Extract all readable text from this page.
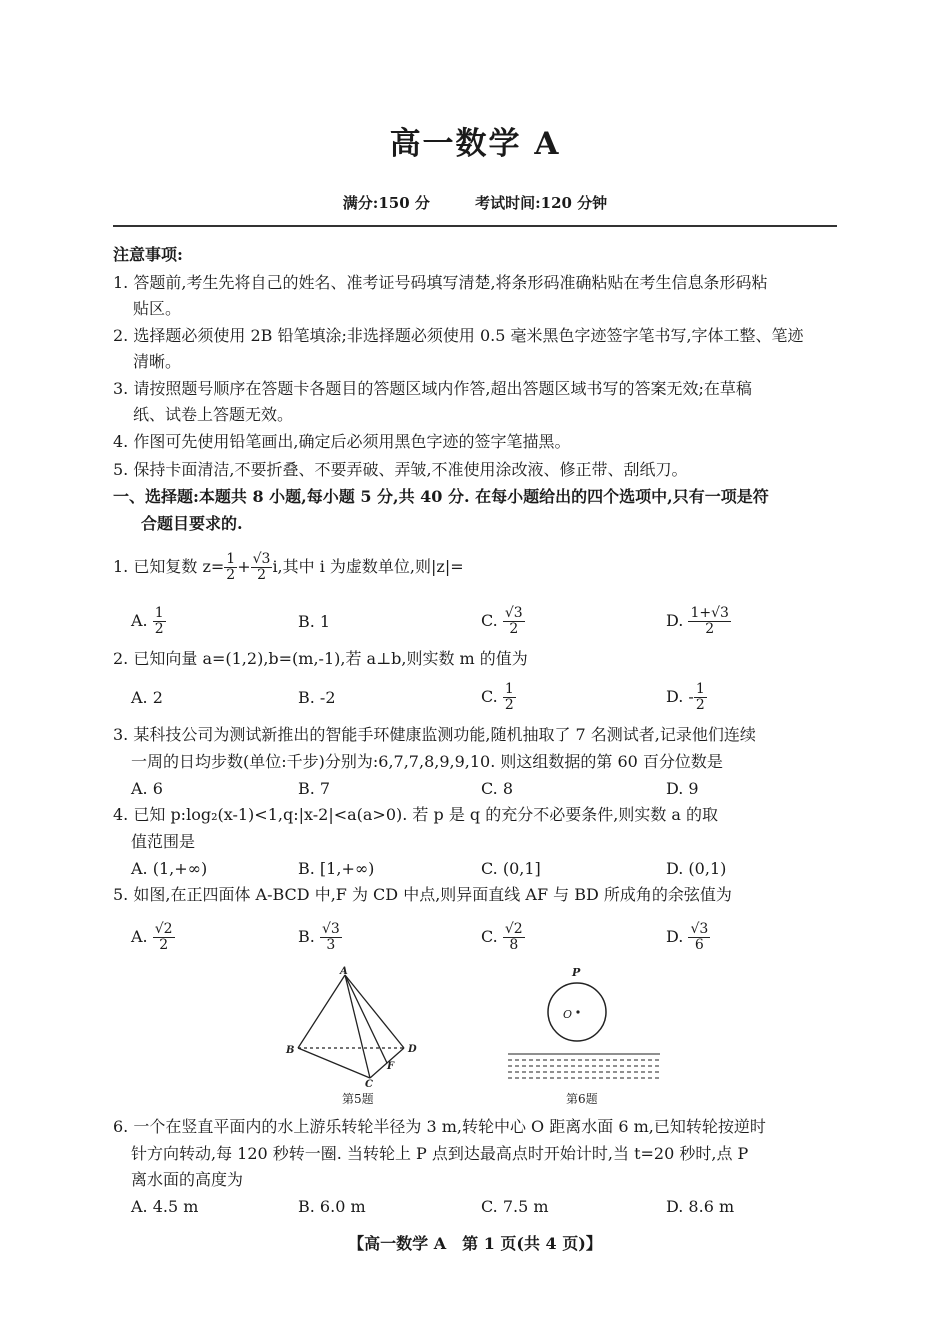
高一数学 A
满分:150 分	考试时间:120 分钟
注意事项:
1. 答题前,考生先将自己的姓名、准考证号码填写清楚,将条形码准确粘贴在考生信息条形码粘
贴区。
2. 选择题必须使用 2B 铅笔填涂;非选择题必须使用 0.5 毫米黑色字迹签字笔书写,字体工整、笔迹
清晰。
3. 请按照题号顺序在答题卡各题目的答题区域内作答,超出答题区域书写的答案无效;在草稿
纸、试卷上答题无效。
4. 作图可先使用铅笔画出,确定后必须用黑色字迹的签字笔描黑。
5. 保持卡面清洁,不要折叠、不要弄破、弄皱,不准使用涂改液、修正带、刮纸刀。
一、选择题:本题共 8 小题,每小题 5 分,共 40 分. 在每小题给出的四个选项中,只有一项是符
合题目要求的.
1. 已知复数 $z= \frac{1}{2} + \frac{√3}{2} i$,其中 i 为虚数单位,则|z|=
A. $\frac{1}{2}$	B. 1	C. $\frac{√3}{2}$	D. $\frac{1+√3}{2}$
2. 已知向量 a=(1,2),b=(m,-1),若 a⊥b,则实数 m 的值为
A. 2	B. -2	C. $\frac{1}{2}$	D. - $\frac{1}{2}$
3. 某科技公司为测试新推出的智能手环健康监测功能,随机抽取了 7 名测试者,记录他们连续
一周的日均步数(单位:千步)分别为:6,7,7,8,9,9,10. 则这组数据的第 60 百分位数是
A. 6	B. 7	C. 8	D. 9
4. 已知 p:log₂(x-1)<1,q:|x-2|<a(a>0). 若 p 是 q 的充分不必要条件,则实数 a 的取
值范围是
A. (1,+∞)	B. [1,+∞)	C. (0,1]	D. (0,1)
5. 如图,在正四面体 A-BCD 中,F 为 CD 中点,则异面直线 AF 与 BD 所成角的余弦值为
A. $\frac{√2}{2}$	B. $\frac{√3}{3}$	C. $\frac{√2}{8}$	D. $\frac{√3}{6}$
A
B
C
D
F
第5题
P
O
第6题
6. 一个在竖直平面内的水上游乐转轮半径为 3 m,转轮中心 O 距离水面 6 m,已知转轮按逆时
针方向转动,每 120 秒转一圈. 当转轮上 P 点到达最高点时开始计时,当 t=20 秒时,点 P
离水面的高度为
A. 4.5 m	B. 6.0 m	C. 7.5 m	D. 8.6 m
【高一数学 A　第 1 页(共 4 页)】
